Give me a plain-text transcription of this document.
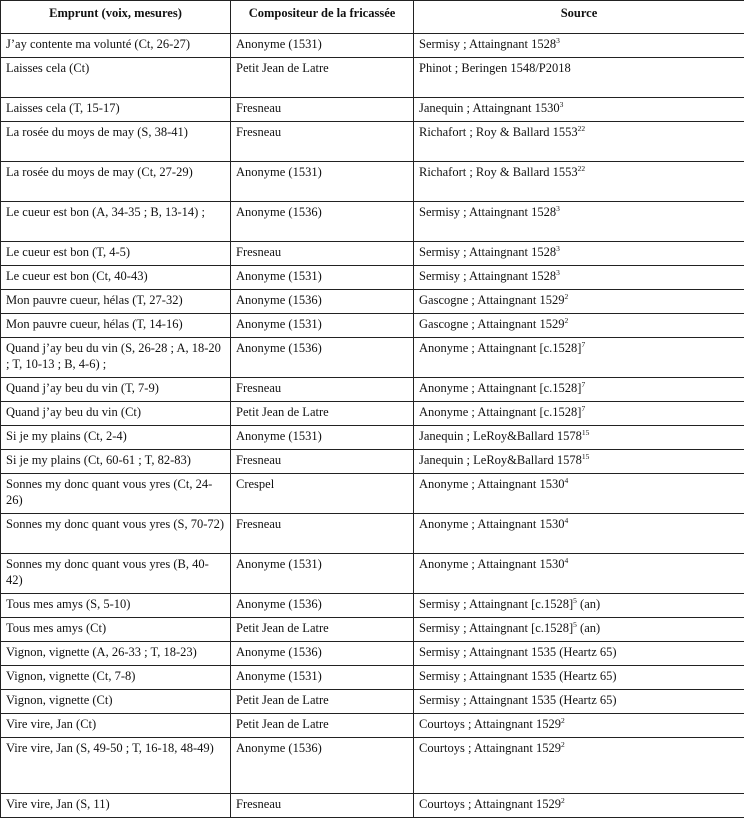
Emprunt (voix, mesures)	Compositeur de la fricassée	Source
J’ay contente ma volunté (Ct, 26-27)	Anonyme (1531)	Sermisy ; Attaingnant 1528$^3$
Laisses cela (Ct)	Petit Jean de Latre	Phinot ; Beringen 1548/P2018
Laisses cela (T, 15-17)	Fresneau	Janequin ; Attaingnant 1530$^3$
La rosée du moys de may (S, 38-41)	Fresneau	Richafort ; Roy & Ballard 1553$^{22}$
La rosée du moys de may (Ct, 27-29)	Anonyme (1531)	Richafort ; Roy & Ballard 1553$^{22}$
Le cueur est bon (A, 34-35 ; B, 13-14) ;	Anonyme (1536)	Sermisy ; Attaingnant 1528$^3$
Le cueur est bon (T, 4-5)	Fresneau	Sermisy ; Attaingnant 1528$^3$
Le cueur est bon (Ct, 40-43)	Anonyme (1531)	Sermisy ; Attaingnant 1528$^3$
Mon pauvre cueur, hélas (T, 27-32)	Anonyme (1536)	Gascogne ; Attaingnant 1529$^2$
Mon pauvre cueur, hélas (T, 14-16)	Anonyme (1531)	Gascogne ; Attaingnant 1529$^2$
Quand j’ay beu du vin (S, 26-28 ; A, 18-20 ; T, 10-13 ; B, 4-6) ;	Anonyme (1536)	Anonyme ; Attaingnant $[c.1528]^7$
Quand j’ay beu du vin (T, 7-9)	Fresneau	Anonyme ; Attaingnant $[c.1528]^7$
Quand j’ay beu du vin (Ct)	Petit Jean de Latre	Anonyme ; Attaingnant $[c.1528]^7$
Si je my plains (Ct, 2-4)	Anonyme (1531)	Janequin ; LeRoy&Ballard 1578$^{15}$
Si je my plains (Ct, 60-61 ; T, 82-83)	Fresneau	Janequin ; LeRoy&Ballard 1578$^{15}$
Sonnes my donc quant vous yres (Ct, 24-26)	Crespel	Anonyme ; Attaingnant 1530$^4$
Sonnes my donc quant vous yres (S, 70-72)	Fresneau	Anonyme ; Attaingnant 1530$^4$
Sonnes my donc quant vous yres (B, 40-42)	Anonyme (1531)	Anonyme ; Attaingnant 1530$^4$
Tous mes amys (S, 5-10)	Anonyme (1536)	Sermisy ; Attaingnant $[c.1528]^5$ (an)
Tous mes amys (Ct)	Petit Jean de Latre	Sermisy ; Attaingnant $[c.1528]^5$ (an)
Vignon, vignette (A, 26-33 ; T, 18-23)	Anonyme (1536)	Sermisy ; Attaingnant 1535 (Heartz 65)
Vignon, vignette (Ct, 7-8)	Anonyme (1531)	Sermisy ; Attaingnant 1535 (Heartz 65)
Vignon, vignette (Ct)	Petit Jean de Latre	Sermisy ; Attaingnant 1535 (Heartz 65)
Vire vire, Jan (Ct)	Petit Jean de Latre	Courtoys ; Attaingnant 1529$^2$
Vire vire, Jan (S, 49-50 ; T, 16-18, 48-49)	Anonyme (1536)	Courtoys ; Attaingnant 1529$^2$
Vire vire, Jan (S, 11)	Fresneau	Courtoys ; Attaingnant 1529$^2$
